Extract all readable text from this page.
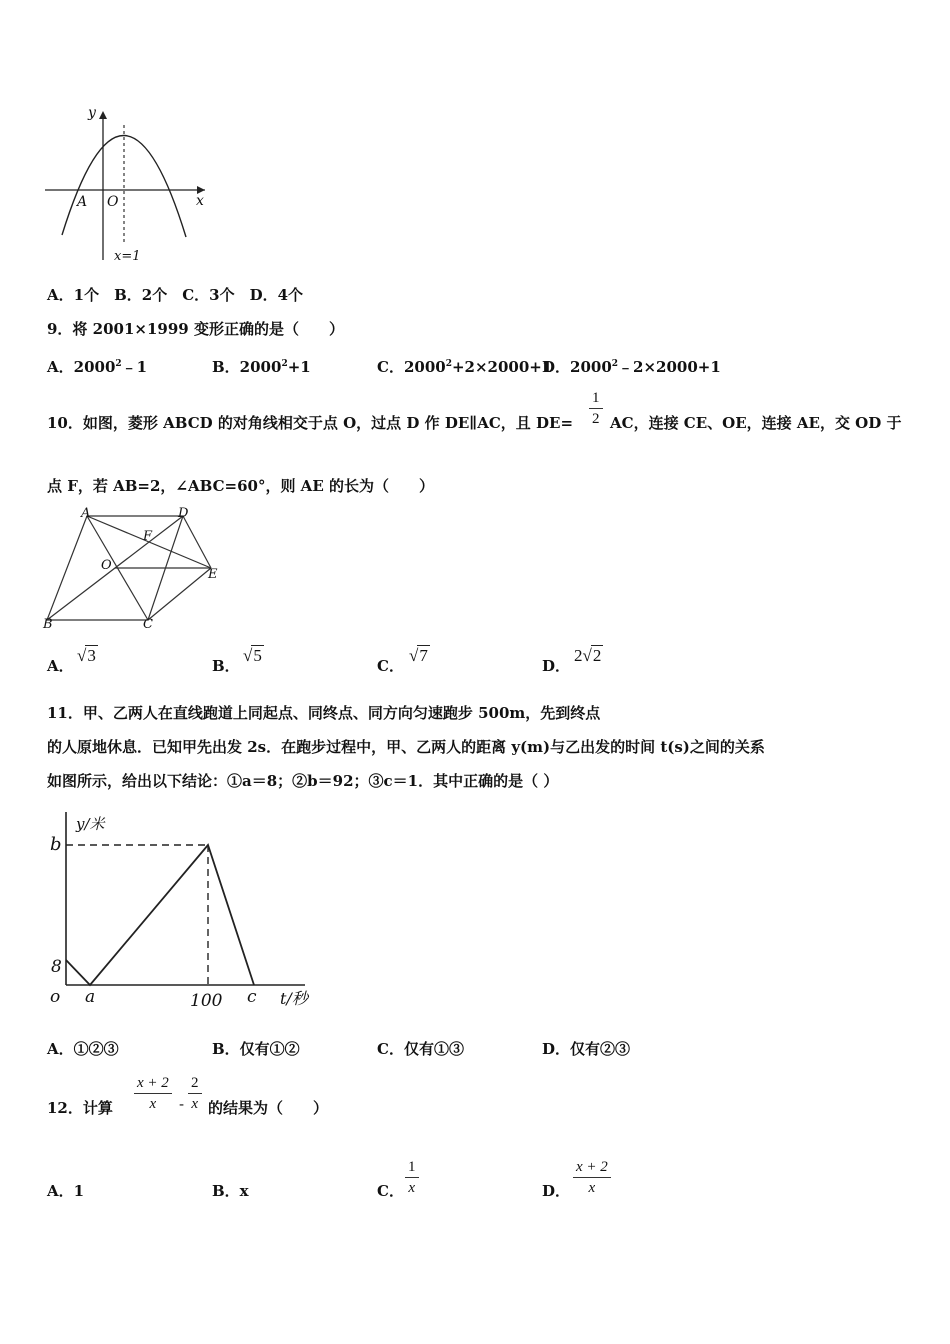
y
x
A O
x=1
A．1个　B．2个　C．3个　D．4个
9．将 2001×1999 变形正确的是（　　）
A．2000$^2$﹣1	B．$2000^2+1$	C．$2000^2+2\times 2000+1$
D．$2000^2﹣2\times 2000+1$
10．如图，菱形 ABCD 的对角线相交于点 O，过点 D 作 DE∥AC，且 $DE= \frac{1}{2}$ AC，连接 CE、OE，连接 AE，交 OD 于
点 F，若 AB=2，∠ABC=60°，则 AE 的长为（　　）
A	D
F
O
E
B	C
A．
√3
B．
√5
C．
√7
D．
2√2
11．甲、乙两人在直线跑道上同起点、同终点、同方向匀速跑步 500m，先到终点
的人原地休息．已知甲先出发 2s．在跑步过程中，甲、乙两人的距离 y(m)与乙出发的时间 t(s)之间的关系
如图所示，给出以下结论：①a＝8；②b＝92；③c＝1．其中正确的是（ ）
y/米
b
8
o a	100 c t/秒
A．①②③	B．仅有①②	C．仅有①③	D．仅有②③
12．计算 $\frac{x + 2}{x} - \frac{2}{x}$ 的结果为（　　）
A．1	B．x	C． $\frac{1}{x}$	D． $\frac{x + 2}{x}$
